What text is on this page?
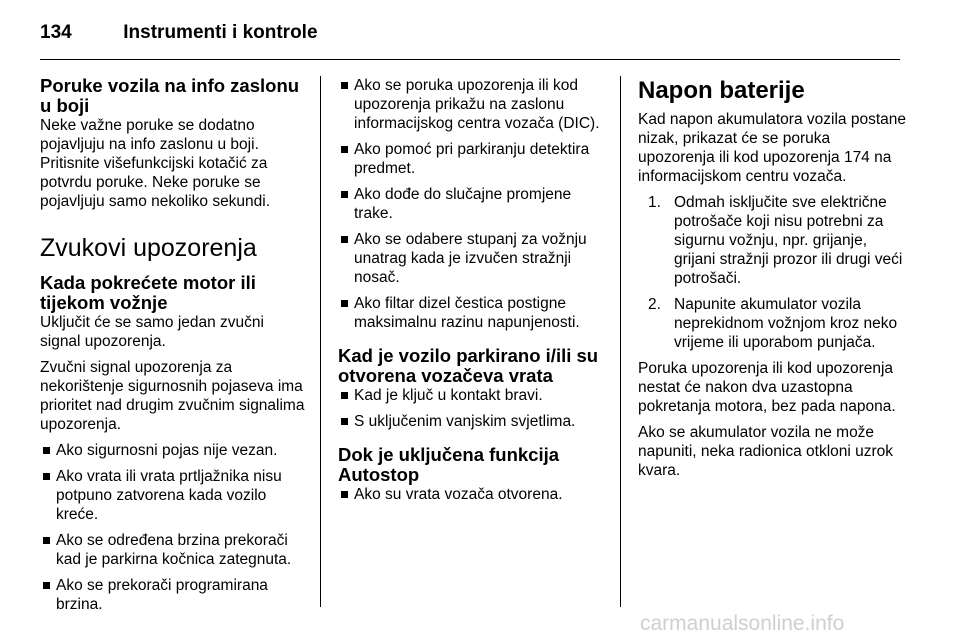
134	Instrumenti i kontrole
Poruke vozila na info zaslonu u boji

Neke važne poruke se dodatno pojavljuju na info zaslonu u boji. Pritisnite višefunkcijski kotačić za potvrdu poruke. Neke poruke se pojavljuju samo nekoliko sekundi.

Zvukovi upozorenja
Kada pokrećete motor ili tijekom vožnje

Uključit će se samo jedan zvučni signal upozorenja.

Zvučni signal upozorenja za nekorištenje sigurnosnih pojaseva ima prioritet nad drugim zvučnim signalima upozorenja.

Ako sigurnosni pojas nije vezan.
Ako vrata ili vrata prtljažnika nisu potpuno zatvorena kada vozilo kreće.
Ako se određena brzina prekorači kad je parkirna kočnica zategnuta.
Ako se prekorači programirana brzina.
Ako se poruka upozorenja ili kod upozorenja prikažu na zaslonu informacijskog centra vozača (DIC).
Ako pomoć pri parkiranju detektira predmet.
Ako dođe do slučajne promjene trake.
Ako se odabere stupanj za vožnju unatrag kada je izvučen stražnji nosač.
Ako filtar dizel čestica postigne maksimalnu razinu napunjenosti.
Kad je vozilo parkirano i/ili su otvorena vozačeva vrata
Kad je ključ u kontakt bravi.
S uključenim vanjskim svjetlima.
Dok je uključena funkcija Autostop
Ako su vrata vozača otvorena.
Napon baterije

Kad napon akumulatora vozila postane nizak, prikazat će se poruka upozorenja ili kod upozorenja 174 na informacijskom centru vozača.

1. Odmah isključite sve električne potrošače koji nisu potrebni za sigurnu vožnju, npr. grijanje, grijani stražnji prozor ili drugi veći potrošači.
2. Napunite akumulator vozila neprekidnom vožnjom kroz neko vrijeme ili uporabom punjača.

Poruka upozorenja ili kod upozorenja nestat će nakon dva uzastopna pokretanja motora, bez pada napona.

Ako se akumulator vozila ne može napuniti, neka radionica otkloni uzrok kvara.

carmanualsonline.info
